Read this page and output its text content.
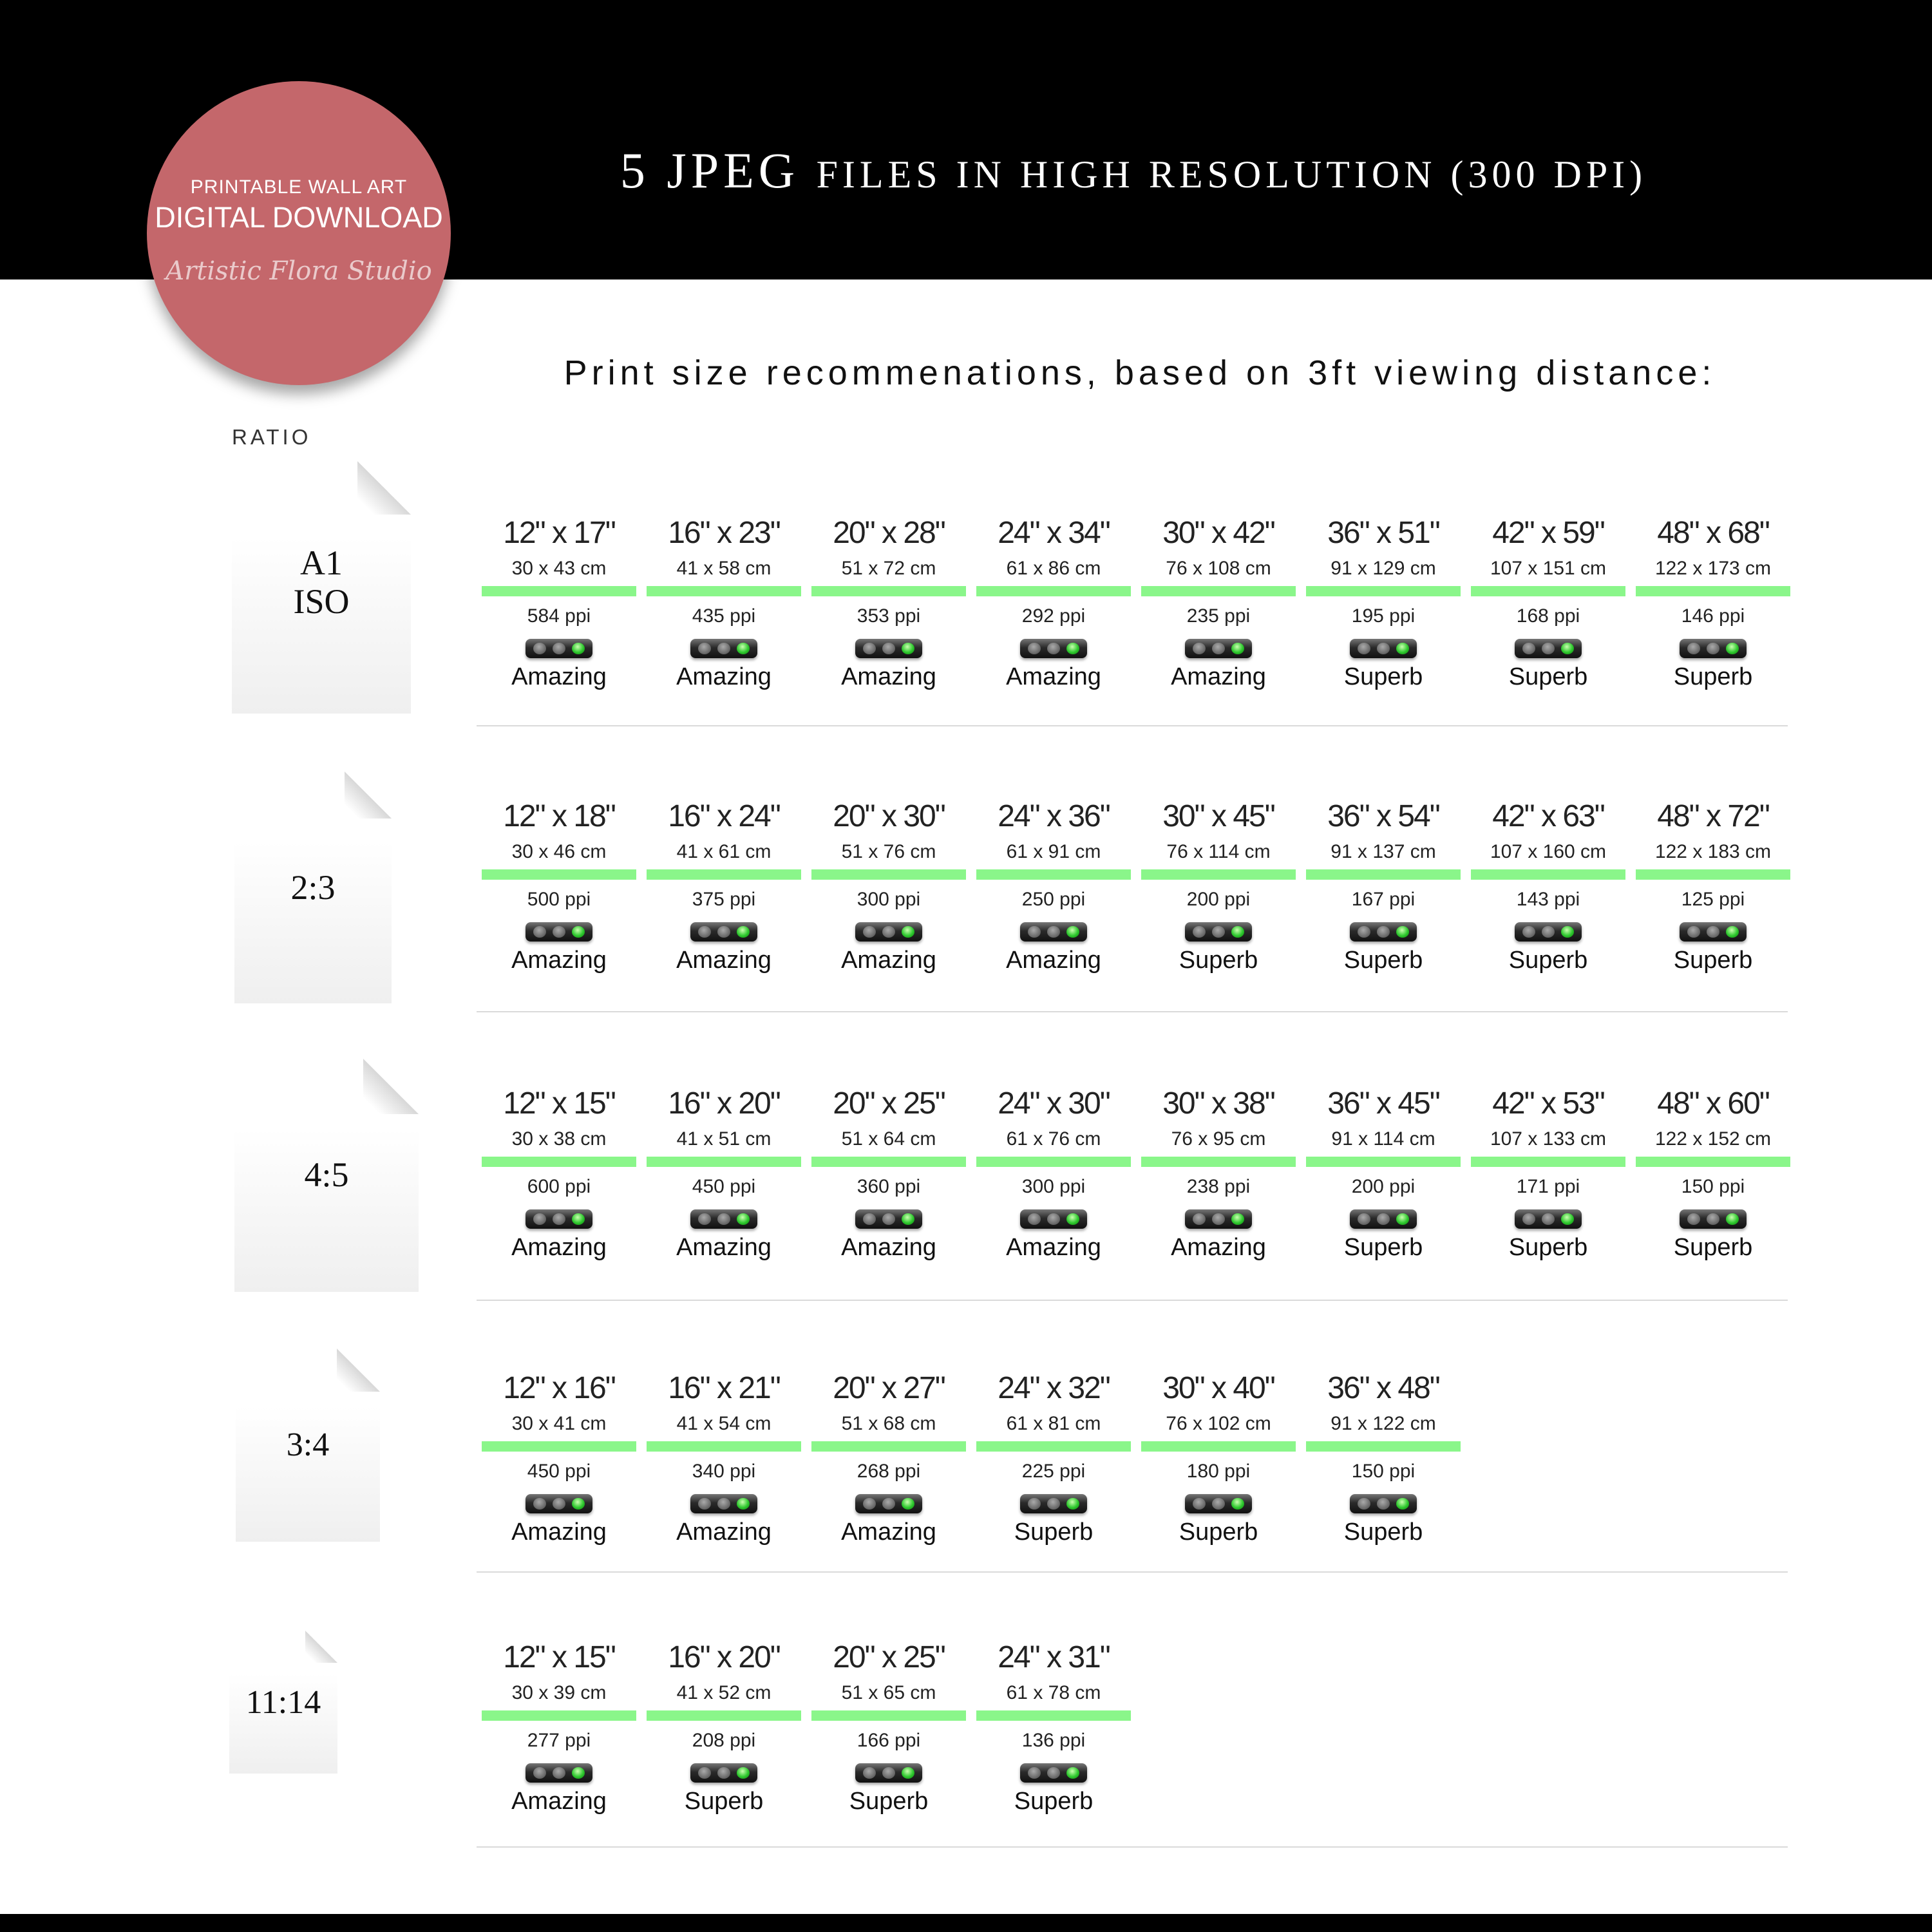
5 JPEG FILES IN HIGH RESOLUTION (300 DPI)
PRINTABLE WALL ART
DIGITAL DOWNLOAD
Artistic Flora Studio
Print size recommenations, based on 3ft viewing distance:
RATIO
A1
ISO
12" x 17"
30 x 43 cm
584 ppi
Amazing
16" x 23"
41 x 58 cm
435 ppi
Amazing
20" x 28"
51 x 72 cm
353 ppi
Amazing
24" x 34"
61 x 86 cm
292 ppi
Amazing
30" x 42"
76 x 108 cm
235 ppi
Amazing
36" x 51"
91 x 129 cm
195 ppi
Superb
42" x 59"
107 x 151 cm
168 ppi
Superb
48" x 68"
122 x 173 cm
146 ppi
Superb
2:3
12" x 18"
30 x 46 cm
500 ppi
Amazing
16" x 24"
41 x 61 cm
375 ppi
Amazing
20" x 30"
51 x 76 cm
300 ppi
Amazing
24" x 36"
61 x 91 cm
250 ppi
Amazing
30" x 45"
76 x 114 cm
200 ppi
Superb
36" x 54"
91 x 137 cm
167 ppi
Superb
42" x 63"
107 x 160 cm
143 ppi
Superb
48" x 72"
122 x 183 cm
125 ppi
Superb
4:5
12" x 15"
30 x 38 cm
600 ppi
Amazing
16" x 20"
41 x 51 cm
450 ppi
Amazing
20" x 25"
51 x 64 cm
360 ppi
Amazing
24" x 30"
61 x 76 cm
300 ppi
Amazing
30" x 38"
76 x 95 cm
238 ppi
Amazing
36" x 45"
91 x 114 cm
200 ppi
Superb
42" x 53"
107 x 133 cm
171 ppi
Superb
48" x 60"
122 x 152 cm
150 ppi
Superb
3:4
12" x 16"
30 x 41 cm
450 ppi
Amazing
16" x 21"
41 x 54 cm
340 ppi
Amazing
20" x 27"
51 x 68 cm
268 ppi
Amazing
24" x 32"
61 x 81 cm
225 ppi
Superb
30" x 40"
76 x 102 cm
180 ppi
Superb
36" x 48"
91 x 122 cm
150 ppi
Superb
11:14
12" x 15"
30 x 39 cm
277 ppi
Amazing
16" x 20"
41 x 52 cm
208 ppi
Superb
20" x 25"
51 x 65 cm
166 ppi
Superb
24" x 31"
61 x 78 cm
136 ppi
Superb
